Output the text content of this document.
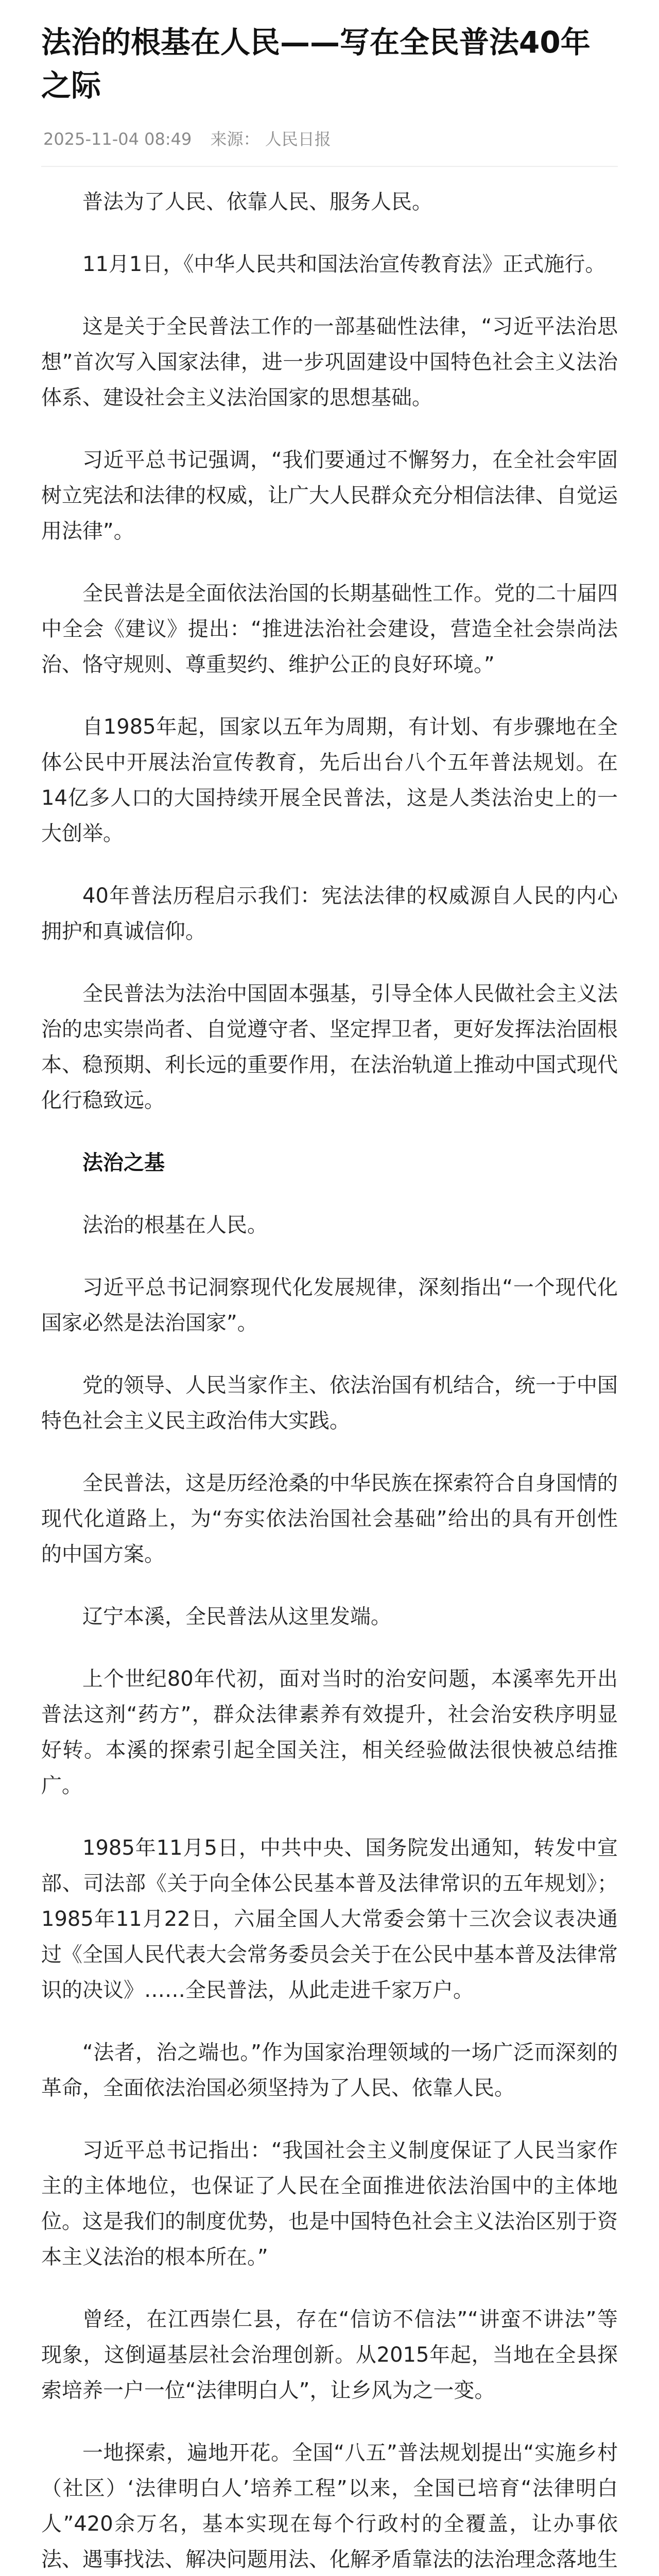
法治的根基在人民——写在全民普法40年之际
2025-11-04 08:49 来源： 人民日报

普法为了人民、依靠人民、服务人民。

11月1日，《中华人民共和国法治宣传教育法》正式施行。

这是关于全民普法工作的一部基础性法律，“习近平法治思想”首次写入国家法律，进一步巩固建设中国特色社会主义法治体系、建设社会主义法治国家的思想基础。

习近平总书记强调，“我们要通过不懈努力，在全社会牢固树立宪法和法律的权威，让广大人民群众充分相信法律、自觉运用法律”。

全民普法是全面依法治国的长期基础性工作。党的二十届四中全会《建议》提出：“推进法治社会建设，营造全社会崇尚法治、恪守规则、尊重契约、维护公正的良好环境。”

自1985年起，国家以五年为周期，有计划、有步骤地在全体公民中开展法治宣传教育，先后出台八个五年普法规划。在14亿多人口的大国持续开展全民普法，这是人类法治史上的一大创举。

40年普法历程启示我们：宪法法律的权威源自人民的内心拥护和真诚信仰。

全民普法为法治中国固本强基，引导全体人民做社会主义法治的忠实崇尚者、自觉遵守者、坚定捍卫者，更好发挥法治固根本、稳预期、利长远的重要作用，在法治轨道上推动中国式现代化行稳致远。

法治之基

法治的根基在人民。

习近平总书记洞察现代化发展规律，深刻指出“一个现代化国家必然是法治国家”。

党的领导、人民当家作主、依法治国有机结合，统一于中国特色社会主义民主政治伟大实践。

全民普法，这是历经沧桑的中华民族在探索符合自身国情的现代化道路上，为“夯实依法治国社会基础”给出的具有开创性的中国方案。

辽宁本溪，全民普法从这里发端。

上个世纪80年代初，面对当时的治安问题，本溪率先开出普法这剂“药方”，群众法律素养有效提升，社会治安秩序明显好转。本溪的探索引起全国关注，相关经验做法很快被总结推广。

1985年11月5日，中共中央、国务院发出通知，转发中宣部、司法部《关于向全体公民基本普及法律常识的五年规划》；1985年11月22日，六届全国人大常委会第十三次会议表决通过《全国人民代表大会常务委员会关于在公民中基本普及法律常识的决议》……全民普法，从此走进千家万户。

“法者，治之端也。”作为国家治理领域的一场广泛而深刻的革命，全面依法治国必须坚持为了人民、依靠人民。

习近平总书记指出：“我国社会主义制度保证了人民当家作主的主体地位，也保证了人民在全面推进依法治国中的主体地位。这是我们的制度优势，也是中国特色社会主义法治区别于资本主义法治的根本所在。”

曾经，在江西崇仁县，存在“信访不信法”“讲蛮不讲法”等现象，这倒逼基层社会治理创新。从2015年起，当地在全县探索培养一户一位“法律明白人”，让乡风为之一变。

一地探索，遍地开花。全国“八五”普法规划提出“实施乡村（社区）‘法律明白人’培养工程”以来，全国已培育“法律明白人”420余万名，基本实现在每个行政村的全覆盖，让办事依法、遇事找法、解决问题用法、化解矛盾靠法的法治理念落地生
